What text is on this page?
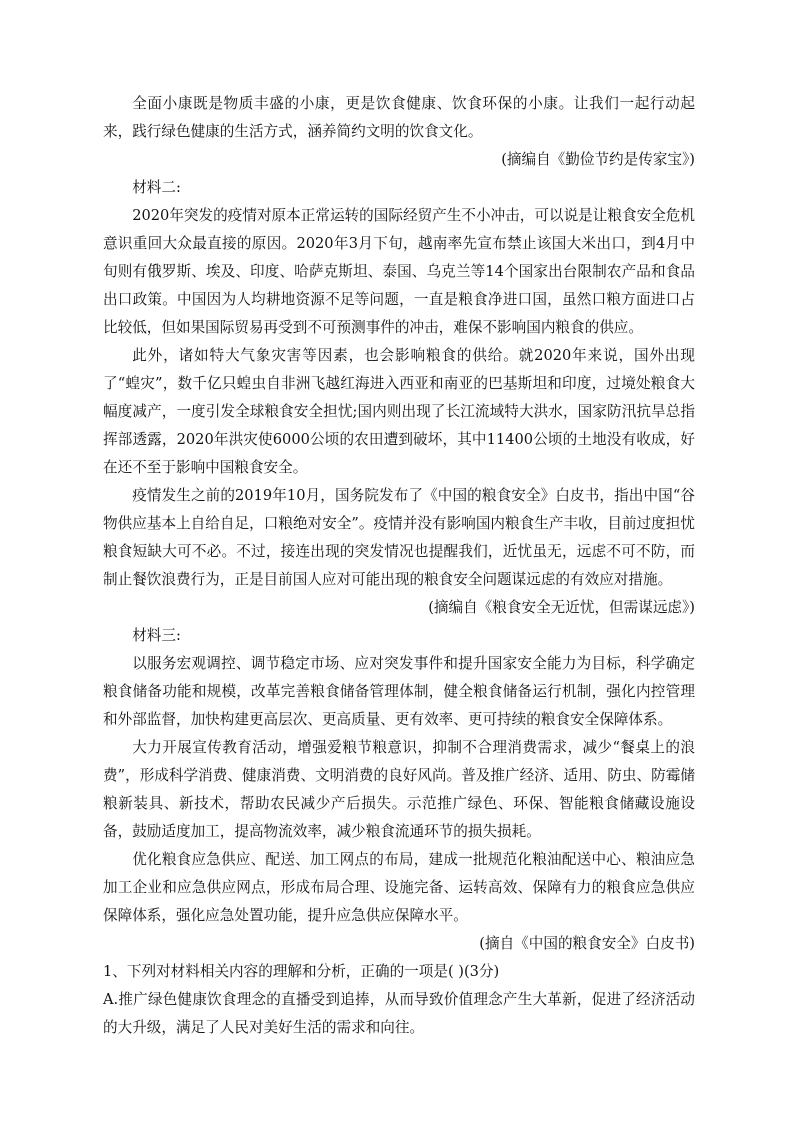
全面小康既是物质丰盛的小康，更是饮食健康、饮食环保的小康。让我们一起行动起来，践行绿色健康的生活方式，涵养简约文明的饮食文化。

(摘编自《勤俭节约是传家宝》)

材料二:

2020年突发的疫情对原本正常运转的国际经贸产生不小冲击，可以说是让粮食安全危机意识重回大众最直接的原因。2020年3月下旬，越南率先宣布禁止该国大米出口，到4月中旬则有俄罗斯、埃及、印度、哈萨克斯坦、泰国、乌克兰等14个国家出台限制农产品和食品出口政策。中国因为人均耕地资源不足等问题，一直是粮食净进口国，虽然口粮方面进口占比较低，但如果国际贸易再受到不可预测事件的冲击，难保不影响国内粮食的供应。

此外，诸如特大气象灾害等因素，也会影响粮食的供给。就2020年来说，国外出现了“蝗灾”，数千亿只蝗虫自非洲飞越红海进入西亚和南亚的巴基斯坦和印度，过境处粮食大幅度减产，一度引发全球粮食安全担忧;国内则出现了长江流域特大洪水，国家防汛抗旱总指挥部透露，2020年洪灾使6000公顷的农田遭到破坏，其中11400公顷的土地没有收成，好在还不至于影响中国粮食安全。

疫情发生之前的2019年10月，国务院发布了《中国的粮食安全》白皮书，指出中国“谷物供应基本上自给自足，口粮绝对安全”。疫情并没有影响国内粮食生产丰收，目前过度担忧粮食短缺大可不必。不过，接连出现的突发情况也提醒我们，近忧虽无，远虑不可不防，而制止餐饮浪费行为，正是目前国人应对可能出现的粮食安全问题谋远虑的有效应对措施。

(摘编自《粮食安全无近忧，但需谋远虑》)

材料三:

以服务宏观调控、调节稳定市场、应对突发事件和提升国家安全能力为目标，科学确定粮食储备功能和规模，改革完善粮食储备管理体制，健全粮食储备运行机制，强化内控管理和外部监督，加快构建更高层次、更高质量、更有效率、更可持续的粮食安全保障体系。

大力开展宣传教育活动，增强爱粮节粮意识，抑制不合理消费需求，减少“餐桌上的浪费”，形成科学消费、健康消费、文明消费的良好风尚。普及推广经济、适用、防虫、防霉储粮新装具、新技术，帮助农民减少产后损失。示范推广绿色、环保、智能粮食储藏设施设备，鼓励适度加工，提高物流效率，减少粮食流通环节的损失损耗。

优化粮食应急供应、配送、加工网点的布局，建成一批规范化粮油配送中心、粮油应急加工企业和应急供应网点，形成布局合理、设施完备、运转高效、保障有力的粮食应急供应保障体系，强化应急处置功能，提升应急供应保障水平。

(摘自《中国的粮食安全》白皮书)

1、下列对材料相关内容的理解和分析，正确的一项是( )(3分)

A.推广绿色健康饮食理念的直播受到追捧，从而导致价值理念产生大革新，促进了经济活动的大升级，满足了人民对美好生活的需求和向往。
